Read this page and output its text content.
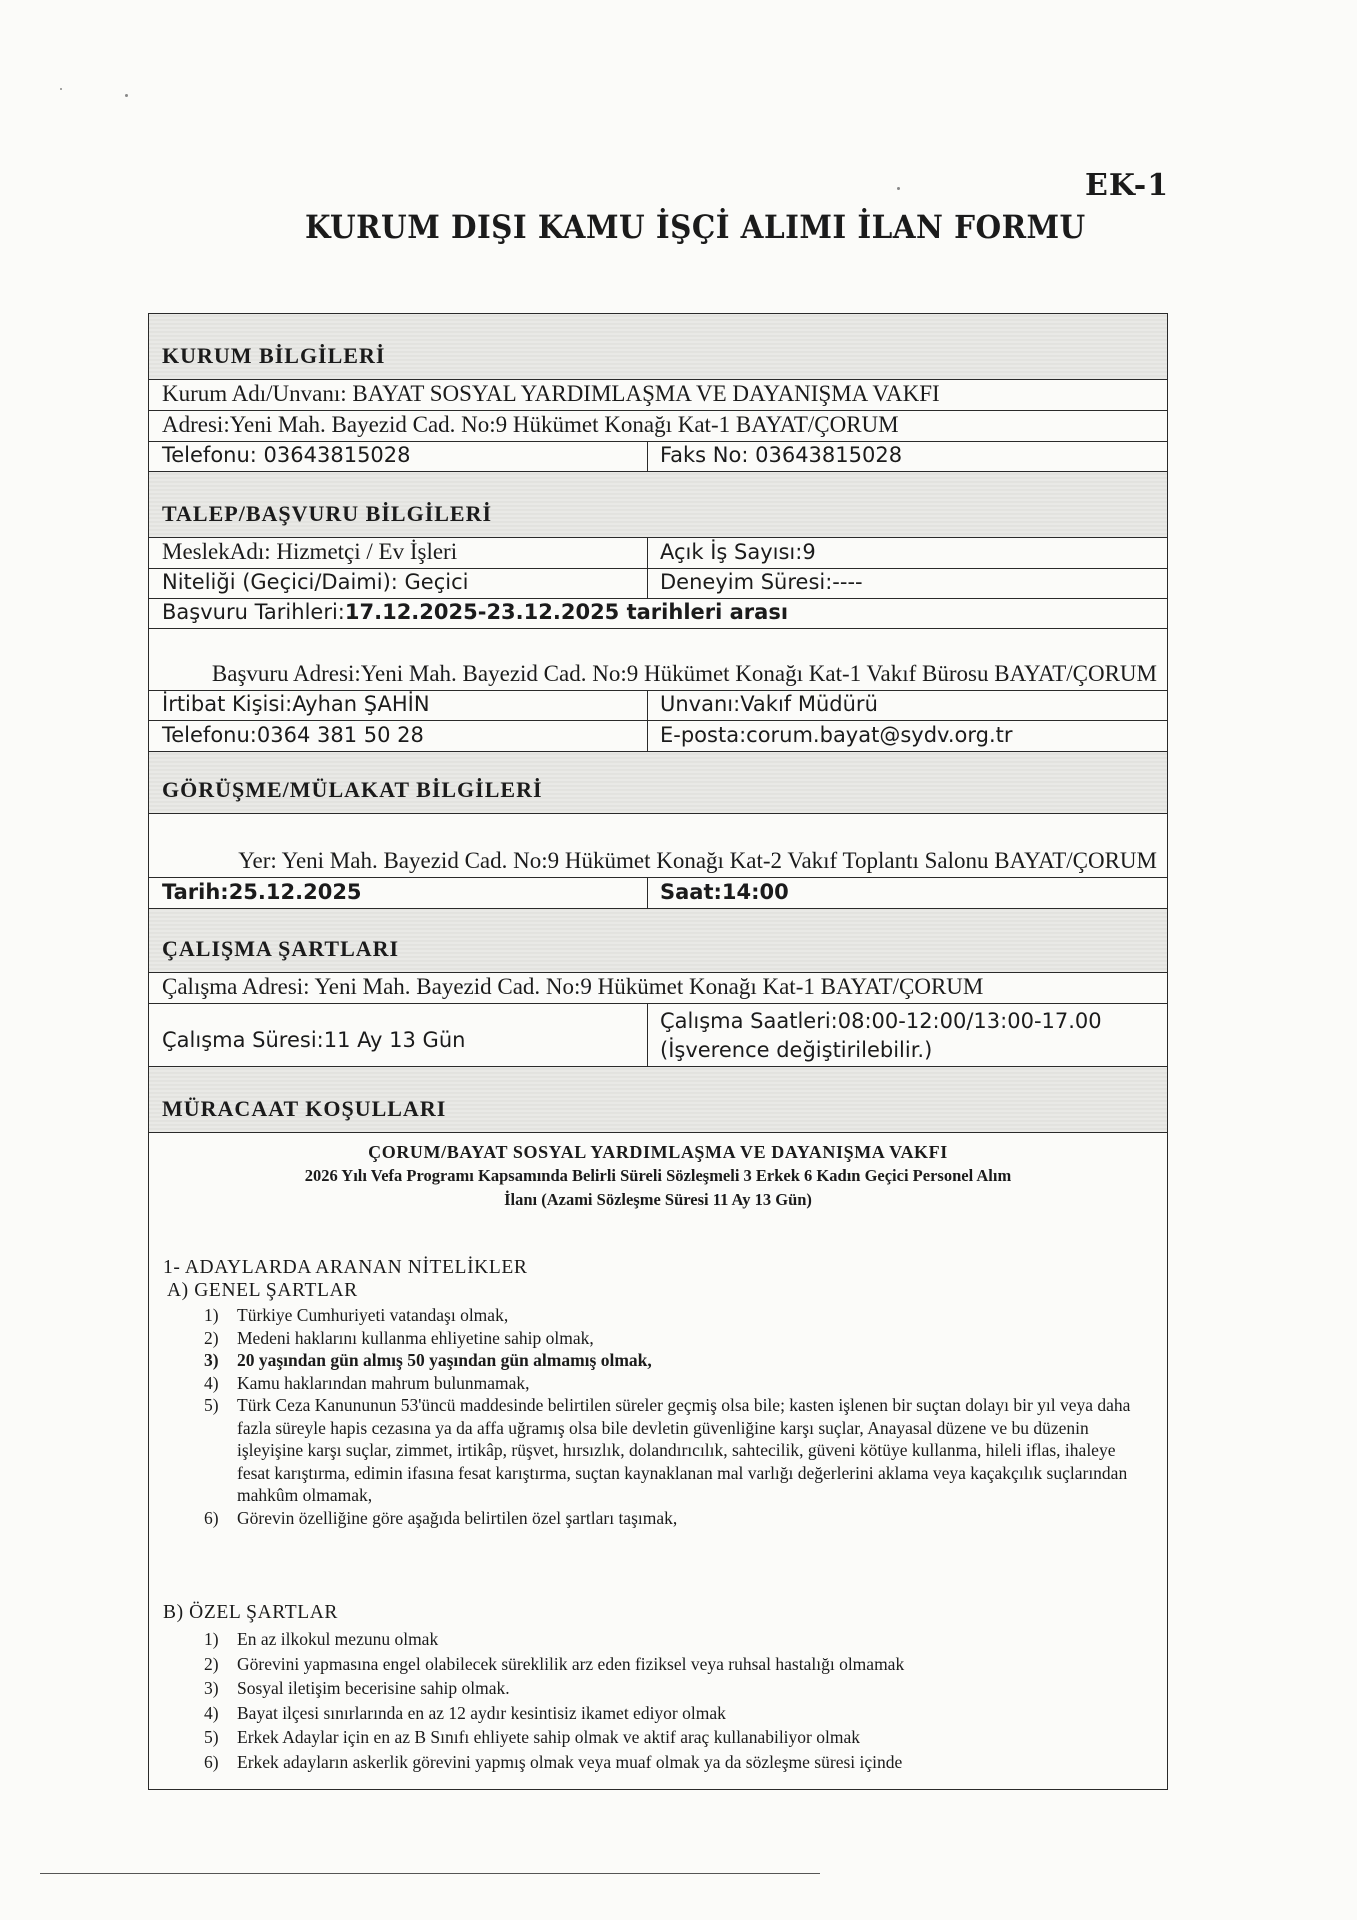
EK-1
KURUM DIŞI KAMU İŞÇİ ALIMI İLAN FORMU
KURUM BİLGİLERİ
Kurum Adı/Unvanı: BAYAT SOSYAL YARDIMLAŞMA VE DAYANIŞMA VAKFI
Adresi:Yeni Mah. Bayezid Cad. No:9 Hükümet Konağı Kat-1 BAYAT/ÇORUM
Telefonu: 03643815028	Faks No: 03643815028
TALEP/BAŞVURU BİLGİLERİ
MeslekAdı: Hizmetçi / Ev İşleri	Açık İş Sayısı:9
Niteliği (Geçici/Daimi): Geçici	Deneyim Süresi:----
Başvuru Tarihleri:17.12.2025-23.12.2025 tarihleri arası
Başvuru Adresi:Yeni Mah. Bayezid Cad. No:9 Hükümet Konağı Kat-1 Vakıf Bürosu BAYAT/ÇORUM
İrtibat Kişisi:Ayhan ŞAHİN	Unvanı:Vakıf Müdürü
Telefonu:0364 381 50 28	E-posta:corum.bayat@sydv.org.tr
GÖRÜŞME/MÜLAKAT BİLGİLERİ
Yer: Yeni Mah. Bayezid Cad. No:9 Hükümet Konağı Kat-2 Vakıf Toplantı Salonu BAYAT/ÇORUM
Tarih:25.12.2025	Saat:14:00
ÇALIŞMA ŞARTLARI
Çalışma Adresi: Yeni Mah. Bayezid Cad. No:9 Hükümet Konağı Kat-1 BAYAT/ÇORUM
Çalışma Süresi:11 Ay 13 Gün
Çalışma Saatleri:08:00-12:00/13:00-17.00
(İşverence değiştirilebilir.)
MÜRACAAT KOŞULLARI
ÇORUM/BAYAT SOSYAL YARDIMLAŞMA VE DAYANIŞMA VAKFI
2026 Yılı Vefa Programı Kapsamında Belirli Süreli Sözleşmeli 3 Erkek 6 Kadın Geçici Personel Alım
İlanı (Azami Sözleşme Süresi 11 Ay 13 Gün)
1- ADAYLARDA ARANAN NİTELİKLER
A) GENEL ŞARTLAR
1) Türkiye Cumhuriyeti vatandaşı olmak,
2) Medeni haklarını kullanma ehliyetine sahip olmak,
3) 20 yaşından gün almış 50 yaşından gün almamış olmak,
4) Kamu haklarından mahrum bulunmamak,
5) Türk Ceza Kanununun 53'üncü maddesinde belirtilen süreler geçmiş olsa bile; kasten işlenen bir suçtan dolayı bir yıl veya daha fazla süreyle hapis cezasına ya da affa uğramış olsa bile devletin güvenliğine karşı suçlar, Anayasal düzene ve bu düzenin işleyişine karşı suçlar, zimmet, irtikâp, rüşvet, hırsızlık, dolandırıcılık, sahtecilik, güveni kötüye kullanma, hileli iflas, ihaleye fesat karıştırma, edimin ifasına fesat karıştırma, suçtan kaynaklanan mal varlığı değerlerini aklama veya kaçakçılık suçlarından mahkûm olmamak,
6) Görevin özelliğine göre aşağıda belirtilen özel şartları taşımak,
B) ÖZEL ŞARTLAR
1) En az ilkokul mezunu olmak
2) Görevini yapmasına engel olabilecek süreklilik arz eden fiziksel veya ruhsal hastalığı olmamak
3) Sosyal iletişim becerisine sahip olmak.
4) Bayat ilçesi sınırlarında en az 12 aydır kesintisiz ikamet ediyor olmak
5) Erkek Adaylar için en az B Sınıfı ehliyete sahip olmak ve aktif araç kullanabiliyor olmak
6) Erkek adayların askerlik görevini yapmış olmak veya muaf olmak ya da sözleşme süresi içinde
